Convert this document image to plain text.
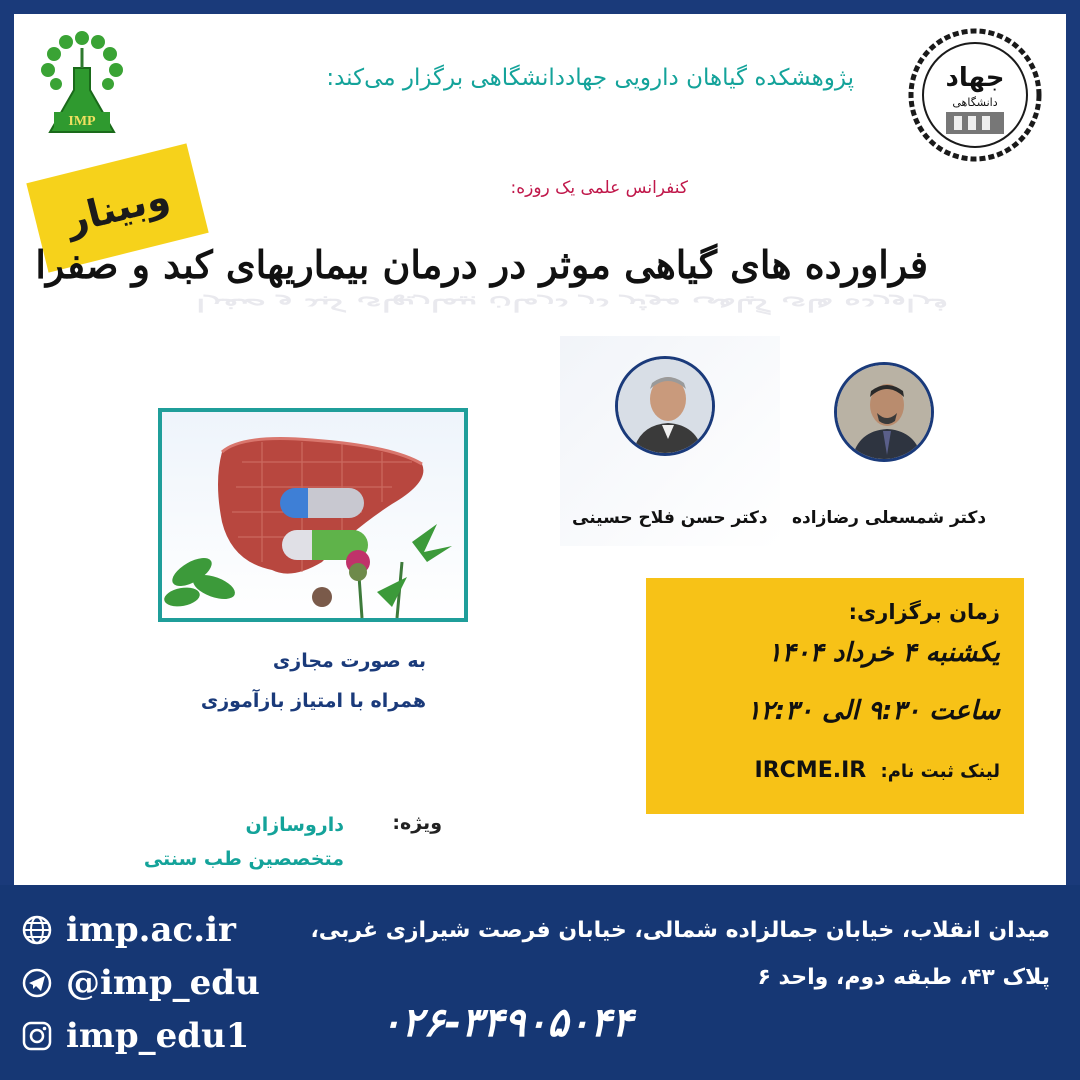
IMP
جهاد
دانشگاهی
پژوهشکده گیاهان دارویی جهاددانشگاهی برگزار می‌کند:
وبینار	کنفرانس علمی یک روزه:
فراورده های گیاهی موثر در درمان بیماریهای کبد و صفرا
فراورده های گیاهی موثر در درمان بیماریهای کبد و صفرا
دکتر حسن فلاح حسینی دکتر شمسعلی رضازاده
به صورت مجازی
همراه با امتیاز بازآموزی
زمان برگزاری:
یکشنبه ۴ خرداد ۱۴۰۴
ساعت ۹:۳۰ الی ۱۲:۳۰
لینک ثبت نام: IRCME.IR
ویژه:
داروسازان
متخصصین طب سنتی
imp.ac.ir
@imp_edu
imp_edu1
میدان انقلاب، خیابان جمالزاده شمالی، خیابان فرصت شیرازی غربی،
پلاک ۴۳، طبقه دوم، واحد ۶
۰۲۶-۳۴۹۰۵۰۴۴
